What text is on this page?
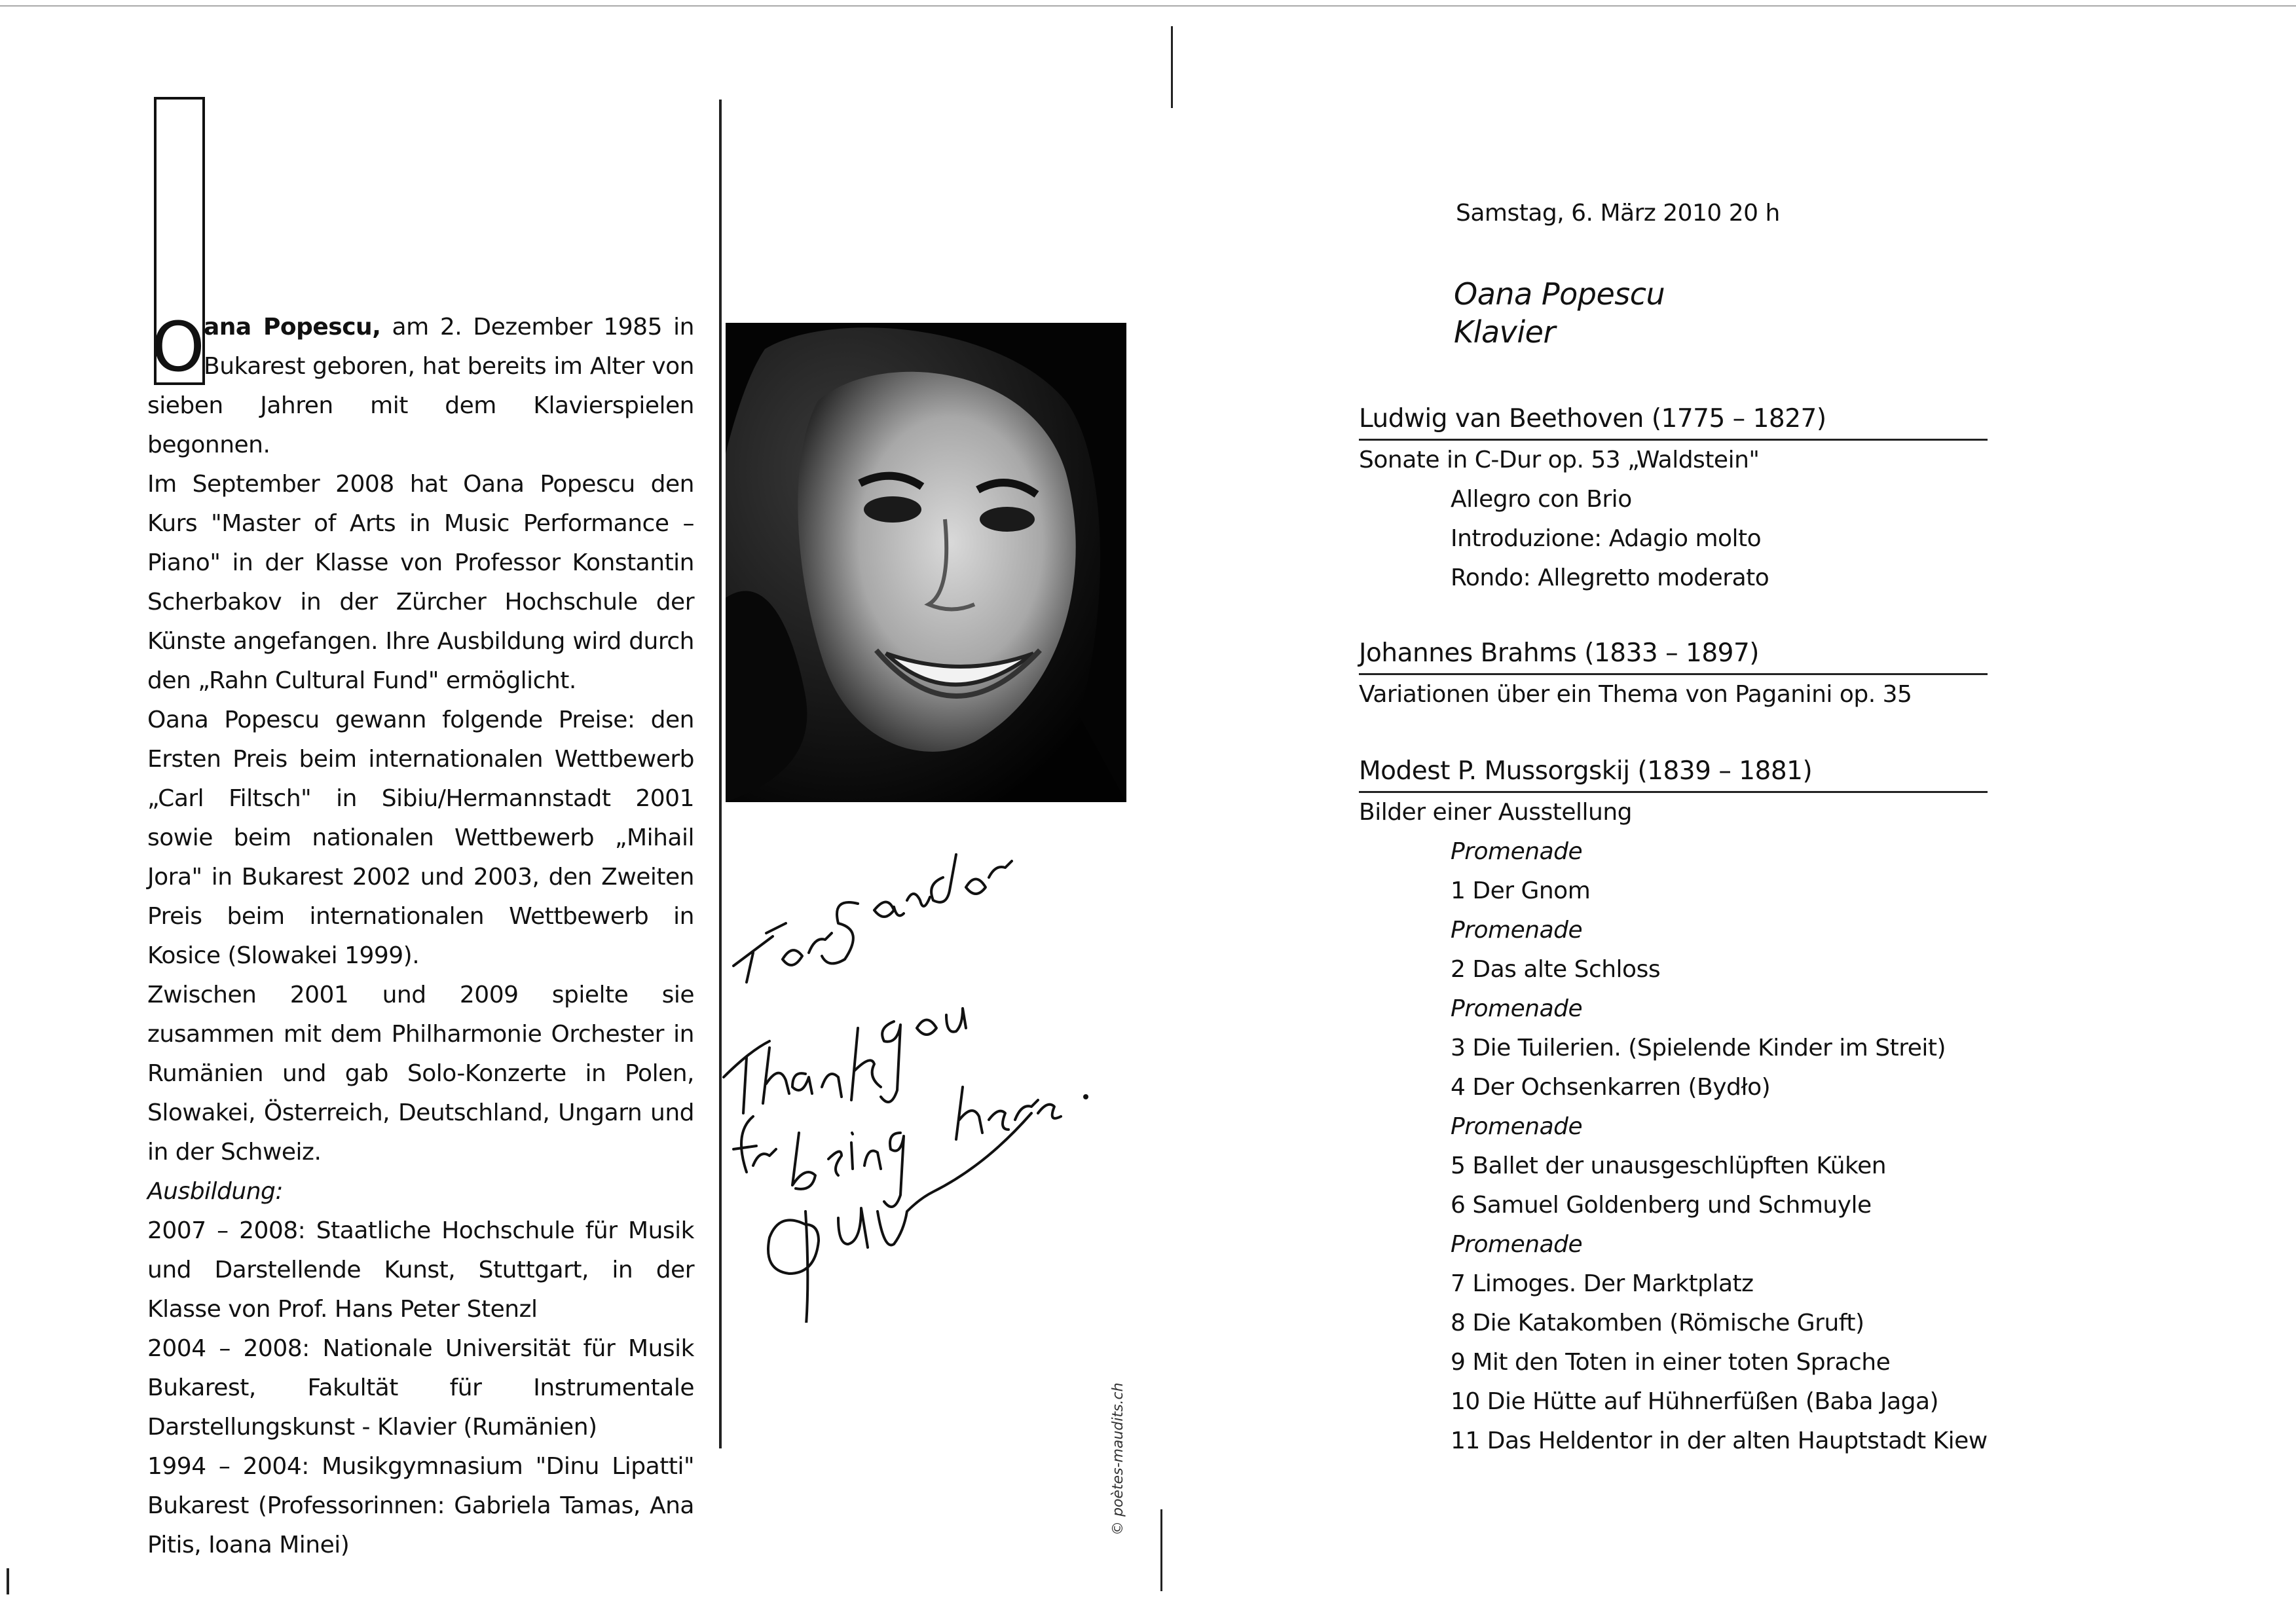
O
ana Popescu, am 2. Dezember 1985 in Bukarest geboren, hat bereits im Alter von sieben Jahren mit dem Klavierspielen begonnen.

Im September 2008 hat Oana Popescu den Kurs "Master of Arts in Music Performance – Piano" in der Klasse von Professor Konstantin Scherbakov in der Zürcher Hochschule der Künste angefangen. Ihre Ausbildung wird durch den „Rahn Cultural Fund" ermöglicht.

Oana Popescu gewann folgende Preise: den Ersten Preis beim internationalen Wettbewerb „Carl Filtsch" in Sibiu/Hermannstadt 2001 sowie beim nationalen Wettbewerb „Mihail Jora" in Bukarest 2002 und 2003, den Zweiten Preis beim internationalen Wettbewerb in Kosice (Slowakei 1999).

Zwischen 2001 und 2009 spielte sie zusammen mit dem Philharmonie Orchester in Rumänien und gab Solo-Konzerte in Polen, Slowakei, Österreich, Deutschland, Ungarn und in der Schweiz.

Ausbildung:

2007 – 2008: Staatliche Hochschule für Musik und Darstellende Kunst, Stuttgart, in der Klasse von Prof. Hans Peter Stenzl

2004 – 2008: Nationale Universität für Musik Bukarest, Fakultät für Instrumentale Darstellungskunst - Klavier (Rumänien)

1994 – 2004: Musikgymnasium "Dinu Lipatti" Bukarest (Professorinnen: Gabriela Tamas, Ana Pitis, Ioana Minei)

© poètes-maudits.ch
Samstag, 6. März 2010 20 h
Oana Popescu
Klavier
Ludwig van Beethoven (1775 – 1827)
Sonate in C-Dur op. 53 „Waldstein"
Allegro con Brio
Introduzione: Adagio molto
Rondo: Allegretto moderato
Johannes Brahms (1833 – 1897)
Variationen über ein Thema von Paganini op. 35
Modest P. Mussorgskij (1839 – 1881)
Bilder einer Ausstellung
Promenade
1 Der Gnom
Promenade
2 Das alte Schloss
Promenade
3 Die Tuilerien. (Spielende Kinder im Streit)
4 Der Ochsenkarren (Bydło)
Promenade
5 Ballet der unausgeschlüpften Küken
6 Samuel Goldenberg und Schmuyle
Promenade
7 Limoges. Der Marktplatz
8 Die Katakomben (Römische Gruft)
9 Mit den Toten in einer toten Sprache
10 Die Hütte auf Hühnerfüßen (Baba Jaga)
11 Das Heldentor in der alten Hauptstadt Kiew
